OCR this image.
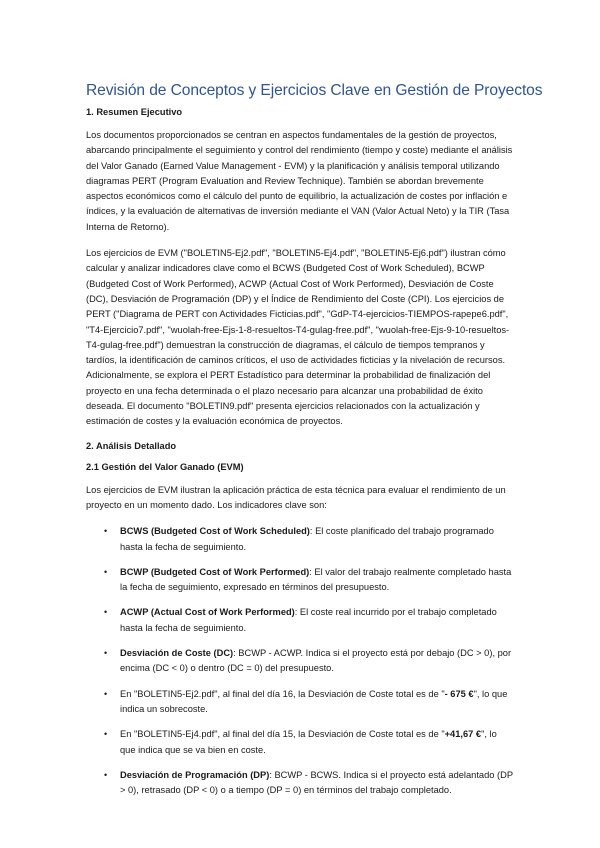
Revisión de Conceptos y Ejercicios Clave en Gestión de Proyectos
1. Resumen Ejecutivo

Los documentos proporcionados se centran en aspectos fundamentales de la gestión de proyectos, abarcando principalmente el seguimiento y control del rendimiento (tiempo y coste) mediante el análisis del Valor Ganado (Earned Value Management - EVM) y la planificación y análisis temporal utilizando diagramas PERT (Program Evaluation and Review Technique). También se abordan brevemente aspectos económicos como el cálculo del punto de equilibrio, la actualización de costes por inflación e índices, y la evaluación de alternativas de inversión mediante el VAN (Valor Actual Neto) y la TIR (Tasa Interna de Retorno).

Los ejercicios de EVM ("BOLETIN5-Ej2.pdf", "BOLETIN5-Ej4.pdf", "BOLETIN5-Ej6.pdf") ilustran cómo calcular y analizar indicadores clave como el BCWS (Budgeted Cost of Work Scheduled), BCWP (Budgeted Cost of Work Performed), ACWP (Actual Cost of Work Performed), Desviación de Coste (DC), Desviación de Programación (DP) y el Índice de Rendimiento del Coste (CPI). Los ejercicios de PERT ("Diagrama de PERT con Actividades Ficticias.pdf", "GdP-T4-ejercicios-TIEMPOS-rapepe6.pdf", "T4-Ejercicio7.pdf", "wuolah-free-Ejs-1-8-resueltos-T4-gulag-free.pdf", "wuolah-free-Ejs-9-10-resueltos-T4-gulag-free.pdf") demuestran la construcción de diagramas, el cálculo de tiempos tempranos y tardíos, la identificación de caminos críticos, el uso de actividades ficticias y la nivelación de recursos. Adicionalmente, se explora el PERT Estadístico para determinar la probabilidad de finalización del proyecto en una fecha determinada o el plazo necesario para alcanzar una probabilidad de éxito deseada. El documento "BOLETIN9.pdf" presenta ejercicios relacionados con la actualización y estimación de costes y la evaluación económica de proyectos.

2. Análisis Detallado
2.1 Gestión del Valor Ganado (EVM)

Los ejercicios de EVM ilustran la aplicación práctica de esta técnica para evaluar el rendimiento de un proyecto en un momento dado. Los indicadores clave son:

• BCWS (Budgeted Cost of Work Scheduled): El coste planificado del trabajo programado hasta la fecha de seguimiento.
• BCWP (Budgeted Cost of Work Performed): El valor del trabajo realmente completado hasta la fecha de seguimiento, expresado en términos del presupuesto.
• ACWP (Actual Cost of Work Performed): El coste real incurrido por el trabajo completado hasta la fecha de seguimiento.
• Desviación de Coste (DC): BCWP - ACWP. Indica si el proyecto está por debajo (DC > 0), por encima (DC < 0) o dentro (DC = 0) del presupuesto.
• En "BOLETIN5-Ej2.pdf", al final del día 16, la Desviación de Coste total es de "- 675 €", lo que indica un sobrecoste.
• En "BOLETIN5-Ej4.pdf", al final del día 15, la Desviación de Coste total es de "+41,67 €", lo que indica que se va bien en coste.
• Desviación de Programación (DP): BCWP - BCWS. Indica si el proyecto está adelantado (DP > 0), retrasado (DP < 0) o a tiempo (DP = 0) en términos del trabajo completado.
